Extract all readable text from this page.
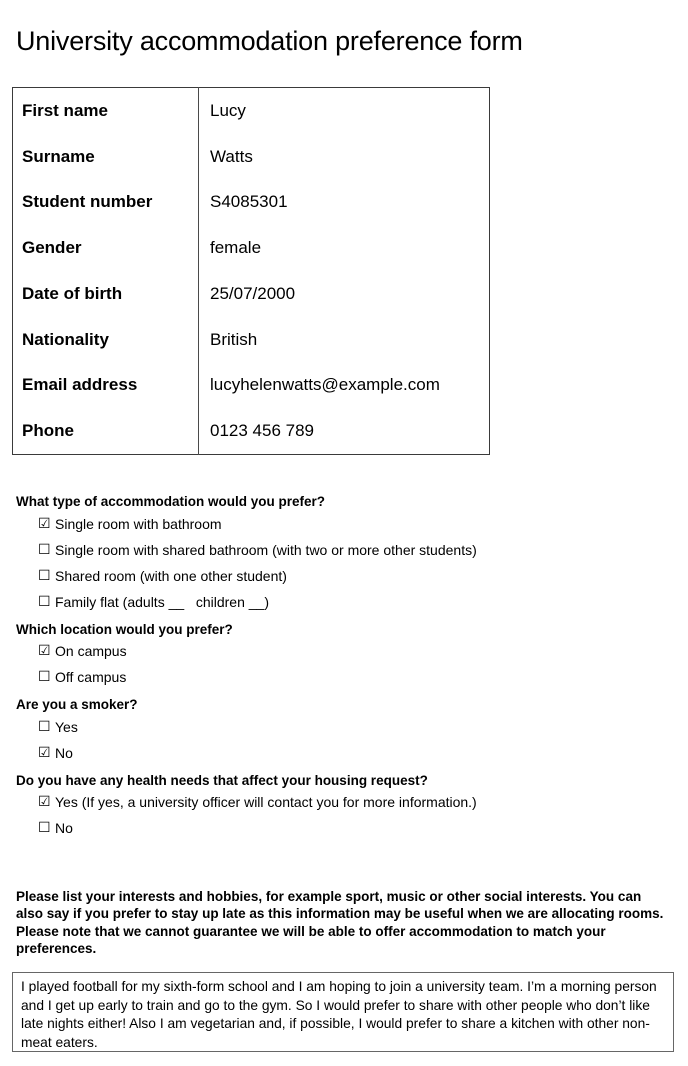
University accommodation preference form
First name	Lucy
Surname	Watts
Student number	S4085301
Gender	female
Date of birth	25/07/2000
Nationality	British
Email address	lucyhelenwatts@example.com
Phone	0123 456 789
What type of accommodation would you prefer?
☑ Single room with bathroom
☐ Single room with shared bathroom (with two or more other students)
☐ Shared room (with one other student)
☐ Family flat (adults __   children __)
Which location would you prefer?
☑ On campus
☐ Off campus
Are you a smoker?
☐ Yes
☑ No
Do you have any health needs that affect your housing request?
☑ Yes (If yes, a university officer will contact you for more information.)
☐ No
Please list your interests and hobbies, for example sport, music or other social interests. You can also say if you prefer to stay up late as this information may be useful when we are allocating rooms. Please note that we cannot guarantee we will be able to offer accommodation to match your preferences.
I played football for my sixth-form school and I am hoping to join a university team. I’m a morning person and I get up early to train and go to the gym. So I would prefer to share with other people who don’t like late nights either! Also I am vegetarian and, if possible, I would prefer to share a kitchen with other non-meat eaters.
